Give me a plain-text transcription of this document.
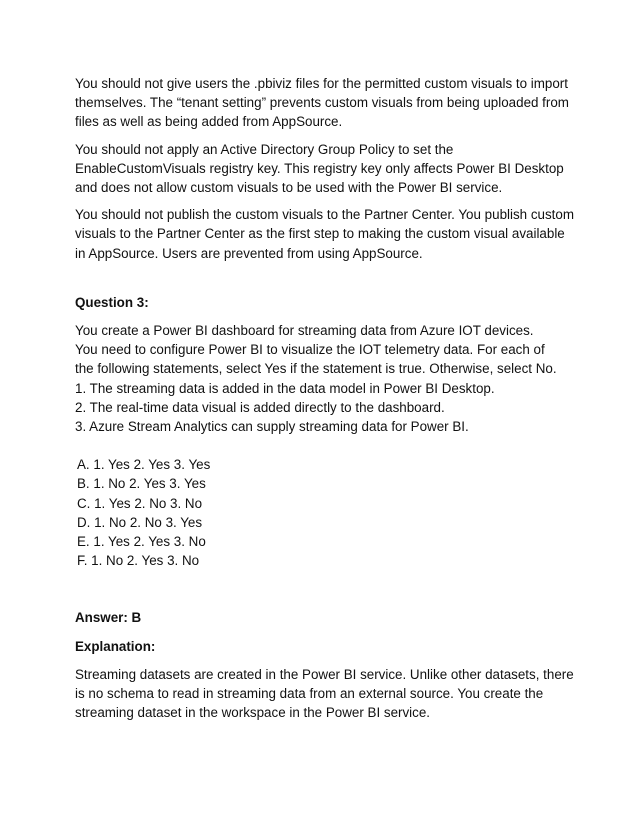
You should not give users the .pbiviz files for the permitted custom visuals to import themselves. The “tenant setting” prevents custom visuals from being uploaded from files as well as being added from AppSource.

You should not apply an Active Directory Group Policy to set the EnableCustomVisuals registry key. This registry key only affects Power BI Desktop and does not allow custom visuals to be used with the Power BI service.

You should not publish the custom visuals to the Partner Center. You publish custom visuals to the Partner Center as the first step to making the custom visual available in AppSource. Users are prevented from using AppSource.

Question 3:

You create a Power BI dashboard for streaming data from Azure IOT devices.

You need to configure Power BI to visualize the IOT telemetry data. For each of

the following statements, select Yes if the statement is true. Otherwise, select No.

1. The streaming data is added in the data model in Power BI Desktop.

2. The real-time data visual is added directly to the dashboard.

3. Azure Stream Analytics can supply streaming data for Power BI.

A. 1. Yes 2. Yes 3. Yes

B. 1. No 2. Yes 3. Yes

C. 1. Yes 2. No 3. No

D. 1. No 2. No 3. Yes

E. 1. Yes 2. Yes 3. No

F. 1. No 2. Yes 3. No

Answer: B

Explanation:

Streaming datasets are created in the Power BI service. Unlike other datasets, there is no schema to read in streaming data from an external source. You create the streaming dataset in the workspace in the Power BI service.
